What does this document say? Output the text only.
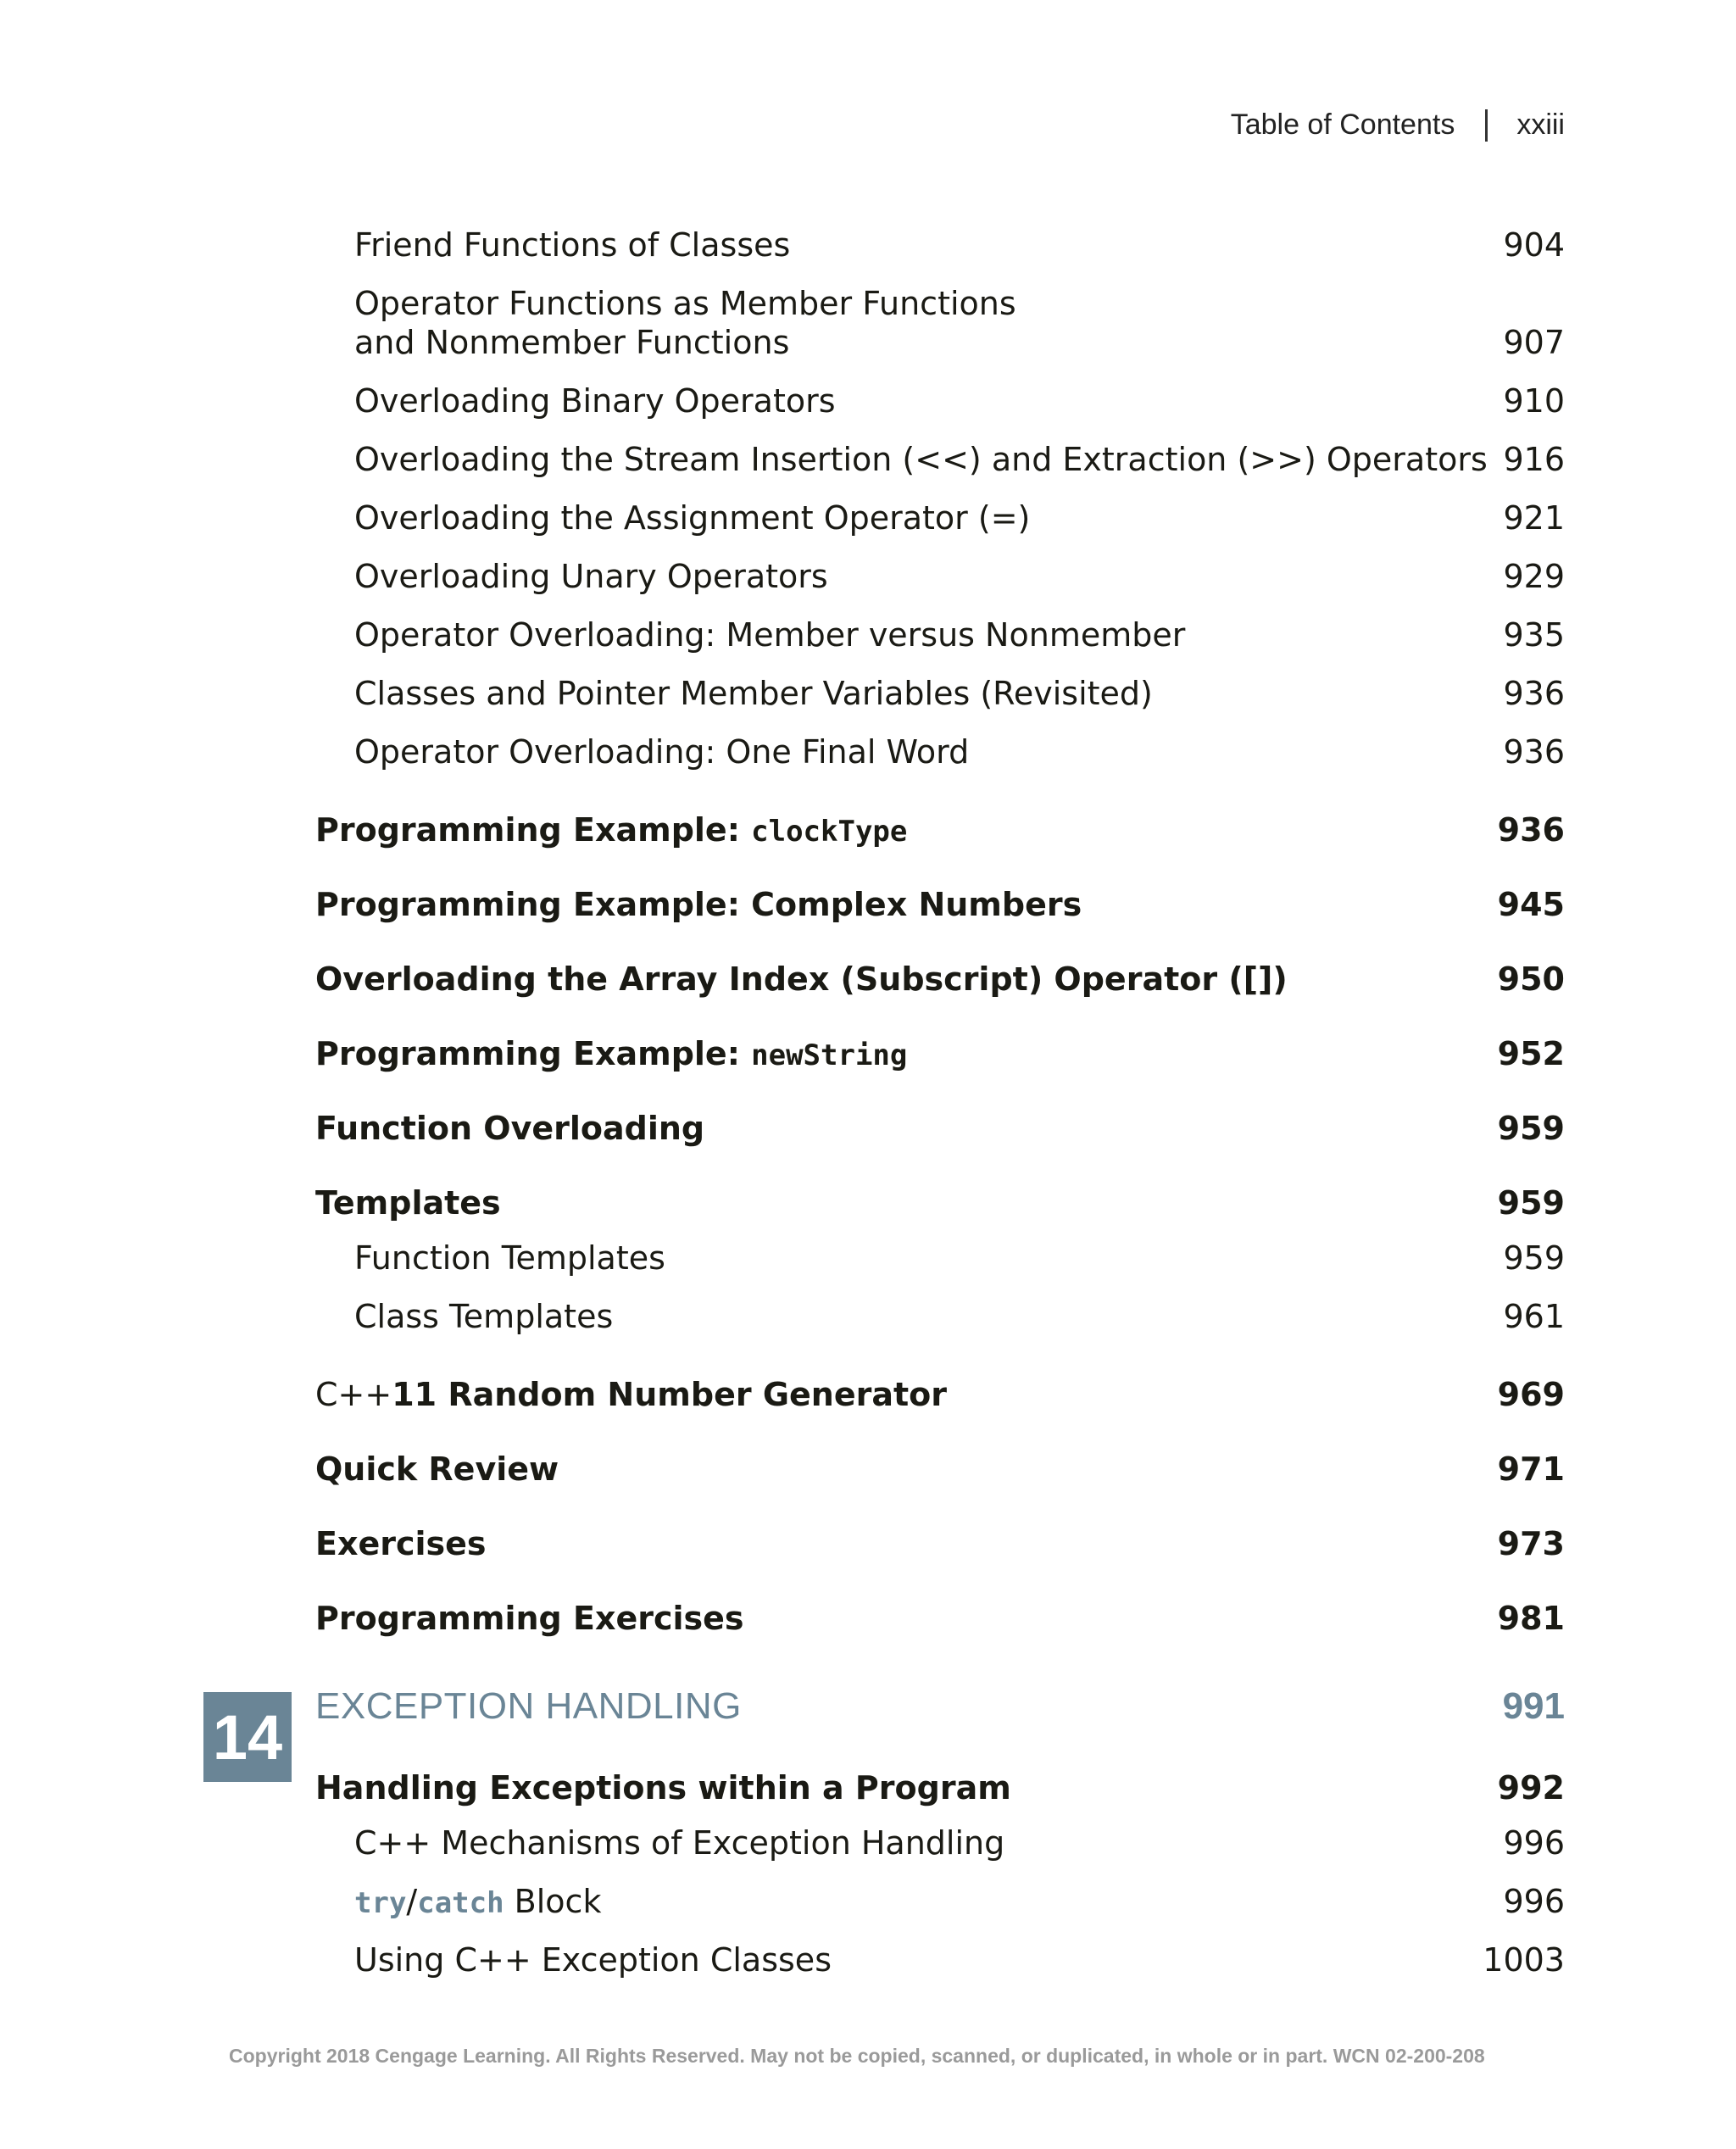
Table of Contents xxiii
Friend Functions of Classes	904
Operator Functions as Member Functions
and Nonmember Functions	907
Overloading Binary Operators	910
Overloading the Stream Insertion (<<) and Extraction (>>) Operators 916
Overloading the Assignment Operator (=)	921
Overloading Unary Operators	929
Operator Overloading: Member versus Nonmember	935
Classes and Pointer Member Variables (Revisited)	936
Operator Overloading: One Final Word	936
Programming Example: clockType	936
Programming Example: Complex Numbers	945
Overloading the Array Index (Subscript) Operator ([])	950
Programming Example: newString	952
Function Overloading	959
Templates	959
Function Templates	959
Class Templates	961
C++11 Random Number Generator	969
Quick Review	971
Exercises	973
Programming Exercises	981
14 EXCEPTION HANDLING	991
Handling Exceptions within a Program	992
C++ Mechanisms of Exception Handling	996
try/catch Block	996
Using C++ Exception Classes	1003
Copyright 2018 Cengage Learning. All Rights Reserved. May not be copied, scanned, or duplicated, in whole or in part. WCN 02-200-208
